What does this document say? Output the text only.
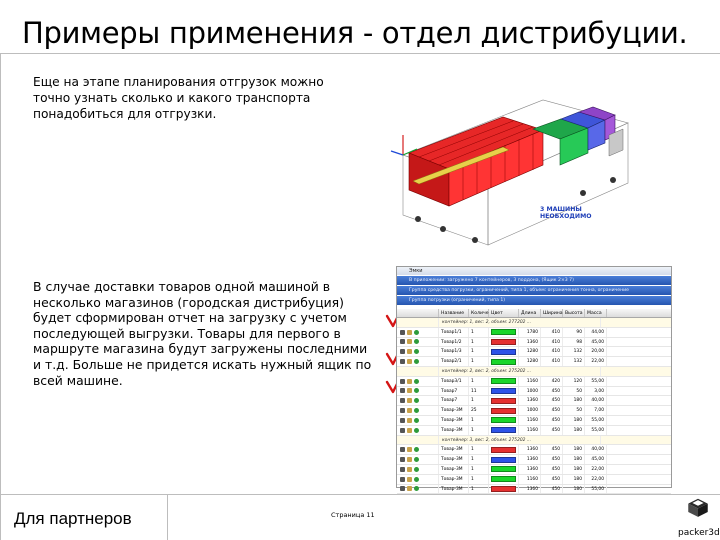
Примеры применения - отдел дистрибуции.
Еще на этапе планирования отгрузок можно точно узнать сколько и какого транспорта понадобиться для отгрузки.
3 МАШИНЫ НЕОБХОДИМО
В случае доставки товаров одной машиной в несколько магазинов (городская дистрибуция) будет сформирован отчет на загрузку с учетом последующей выгрузки. Товары для первого в маршруте магазина будут загружены последними и т.д. Больше не придется искать нужный ящик по всей машине.
Эмки
В приложении: загружено 7 контейнеров, 3 поддонa, (Ящик 2×3 7)
Группа средства погрузки, ограничений, типа 1, объем: ограничения тонна, ограничение
Группа погрузки (ограничений, типа 1)
Название	Количе Цвет	Длина	Ширина Высота Масса
контейнер: 1, вес: 2, объем: 277202 ...
Товар1/1	1	1780	410	90	44,00
Товар1/2	1	1360	410	98	45,00
Товар1/3	1	1280	410	132	20,00
Товар2/1	1	1280	410	132	22,00
контейнер: 2, вес: 2, объем: 275202 ...
Товар3/1	1	1160	420	120	55,00
Товар7	11	1000	450	50	3,00
Товар7	1	1360	450	180	40,00
Товар-3М	25	1000	450	50	7,00
Товар-3М	1	1160	450	180	55,00
Товар-3М	1	1160	450	180	55,00
контейнер: 3, вес: 2, объем: 275202 ...
Товар-3М	1	1360	450	180	40,00
Товар-3М	1	1360	450	180	45,00
Товар-3М	1	1360	450	180	22,00
Товар-3М	1	1160	450	180	22,00
Товар-3М	1	1360	450	180	55,00
Для партнеров	Страница 11
packer3d
